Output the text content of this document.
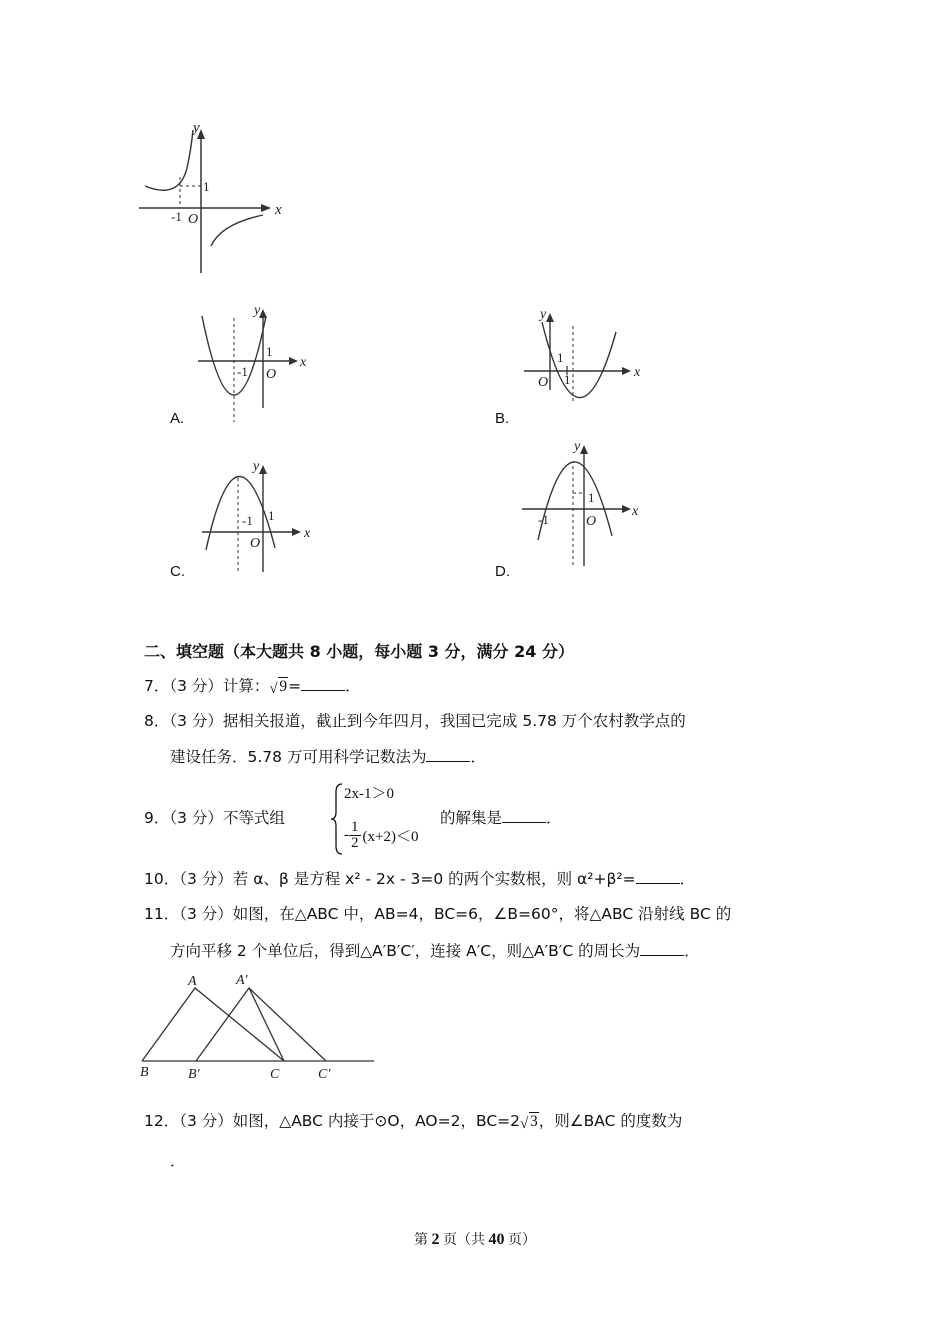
y
x
1
-1 O
y
x
1
-1 O
A.
y
x
1
1
O
B.
y
x
1
-1
O
C.
y
x
1
-1	O
D.
二、填空题（本大题共 8 小题，每小题 3 分，满分 24 分）
7．（3 分）计算： √ 9=	．
8．（3 分）据相关报道，截止到今年四月，我国已完成 5.78 万个农村教学点的
建设任务．5.78 万可用科学记数法为	．
9．（3 分）不等式组
2x-1＞0
- $\frac{1}{2} (x+2)<0$
的解集是	．
10．（3 分）若 α、β 是方程 x² ‑ 2x ‑ 3=0 的两个实数根，则 α²+β²=	．
11．（3 分）如图，在△ABC 中，AB=4，BC=6，∠B=60°，将△ABC 沿射线 BC 的
方向平移 2 个单位后，得到△A′B′C′，连接 A′C，则△A′B′C 的周长为	．
A	A′
B	B′	C	C′
12．（3 分）如图，△ABC 内接于⊙O，AO=2，BC=2 √ 3，则∠BAC 的度数为
．
第 2 页（共 40 页）
